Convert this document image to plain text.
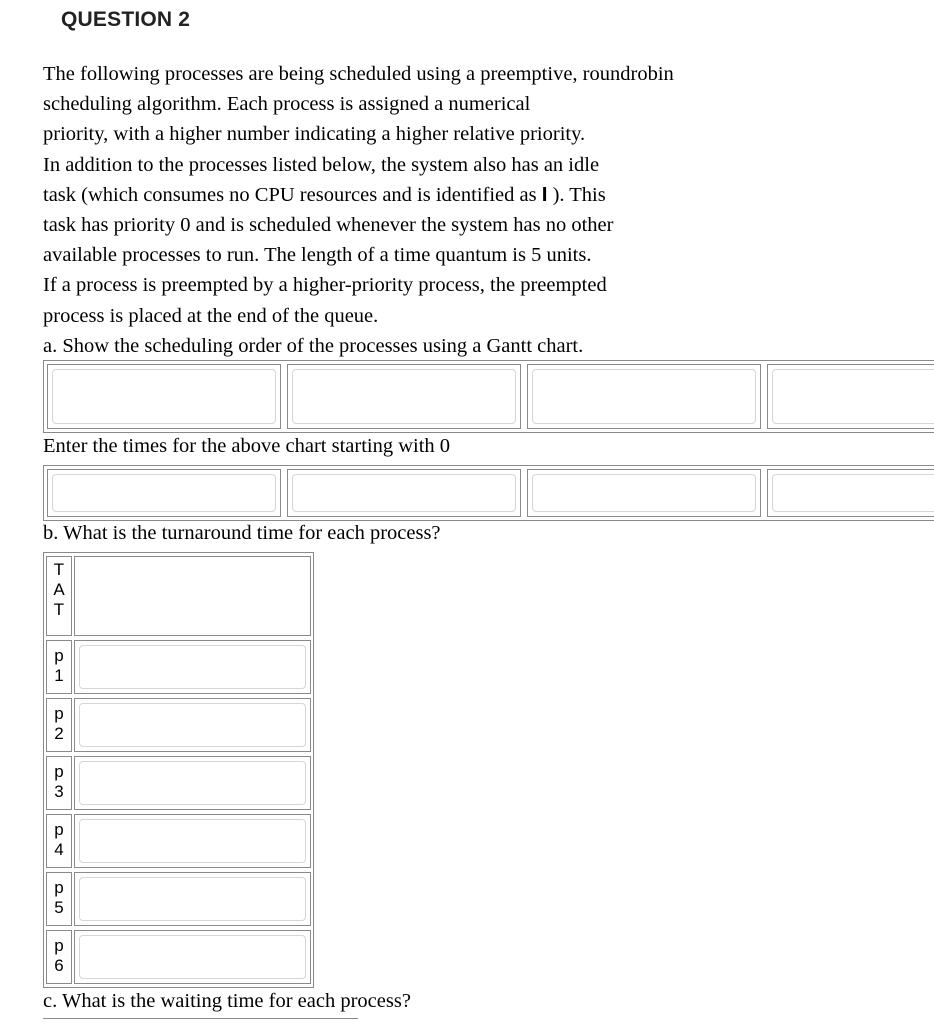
QUESTION 2
The following processes are being scheduled using a preemptive, roundrobin
scheduling algorithm. Each process is assigned a numerical
priority, with a higher number indicating a higher relative priority.
In addition to the processes listed below, the system also has an idle
task (which consumes no CPU resources and is identified as I ). This
task has priority 0 and is scheduled whenever the system has no other
available processes to run. The length of a time quantum is 5 units.
If a process is preempted by a higher-priority process, the preempted
process is placed at the end of the queue.
a. Show the scheduling order of the processes using a Gantt chart.
Enter the times for the above chart starting with 0
b. What is the turnaround time for each process?
TAT
p1
p2
p3
p4
p5
p6
c. What is the waiting time for each process?
